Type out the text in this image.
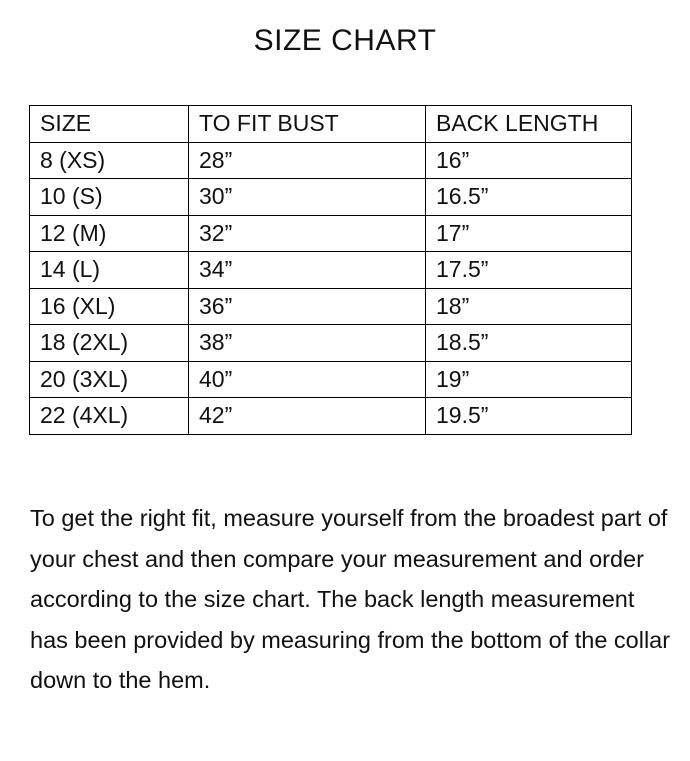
SIZE CHART
SIZE	TO FIT BUST	BACK LENGTH
8 (XS)	28”	16”
10 (S)	30”	16.5”
12 (M)	32”	17”
14 (L)	34”	17.5”
16 (XL)	36”	18”
18 (2XL)	38”	18.5”
20 (3XL)	40”	19”
22 (4XL)	42”	19.5”
To get the right fit, measure yourself from the broadest part of your chest and then compare your measurement and order according to the size chart. The back length measurement has been provided by measuring from the bottom of the collar down to the hem.
